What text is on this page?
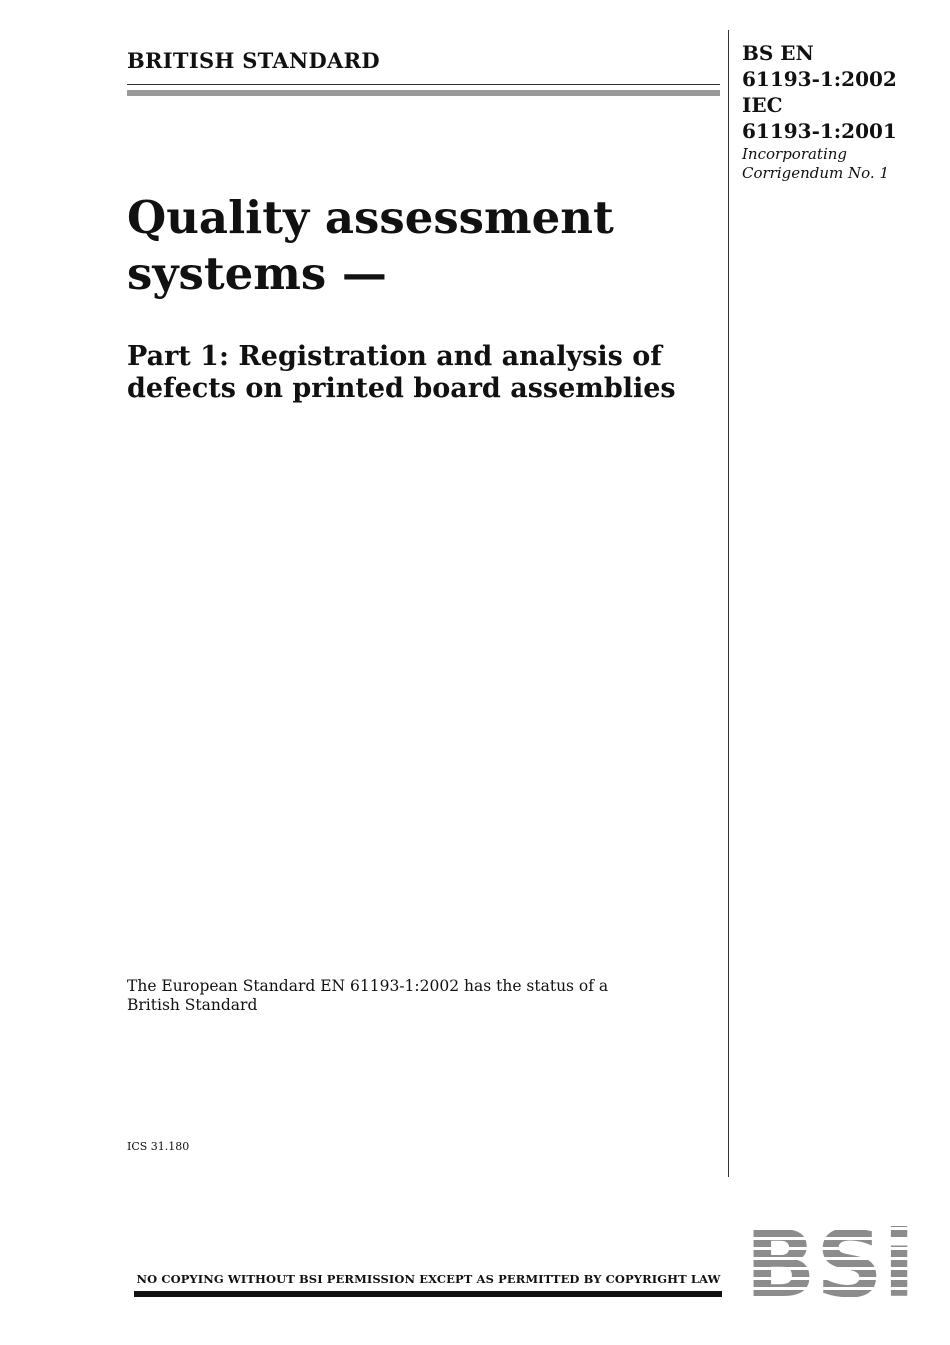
BRITISH STANDARD	BS EN
61193-1:2002
IEC
61193-1:2001
Incorporating
Corrigendum No. 1
Quality assessment
systems —
Part 1: Registration and analysis of
defects on printed board assemblies
The European Standard EN 61193-1:2002 has the status of a
British Standard
ICS 31.180
NO COPYING WITHOUT BSI PERMISSION EXCEPT AS PERMITTED BY COPYRIGHT LAW
